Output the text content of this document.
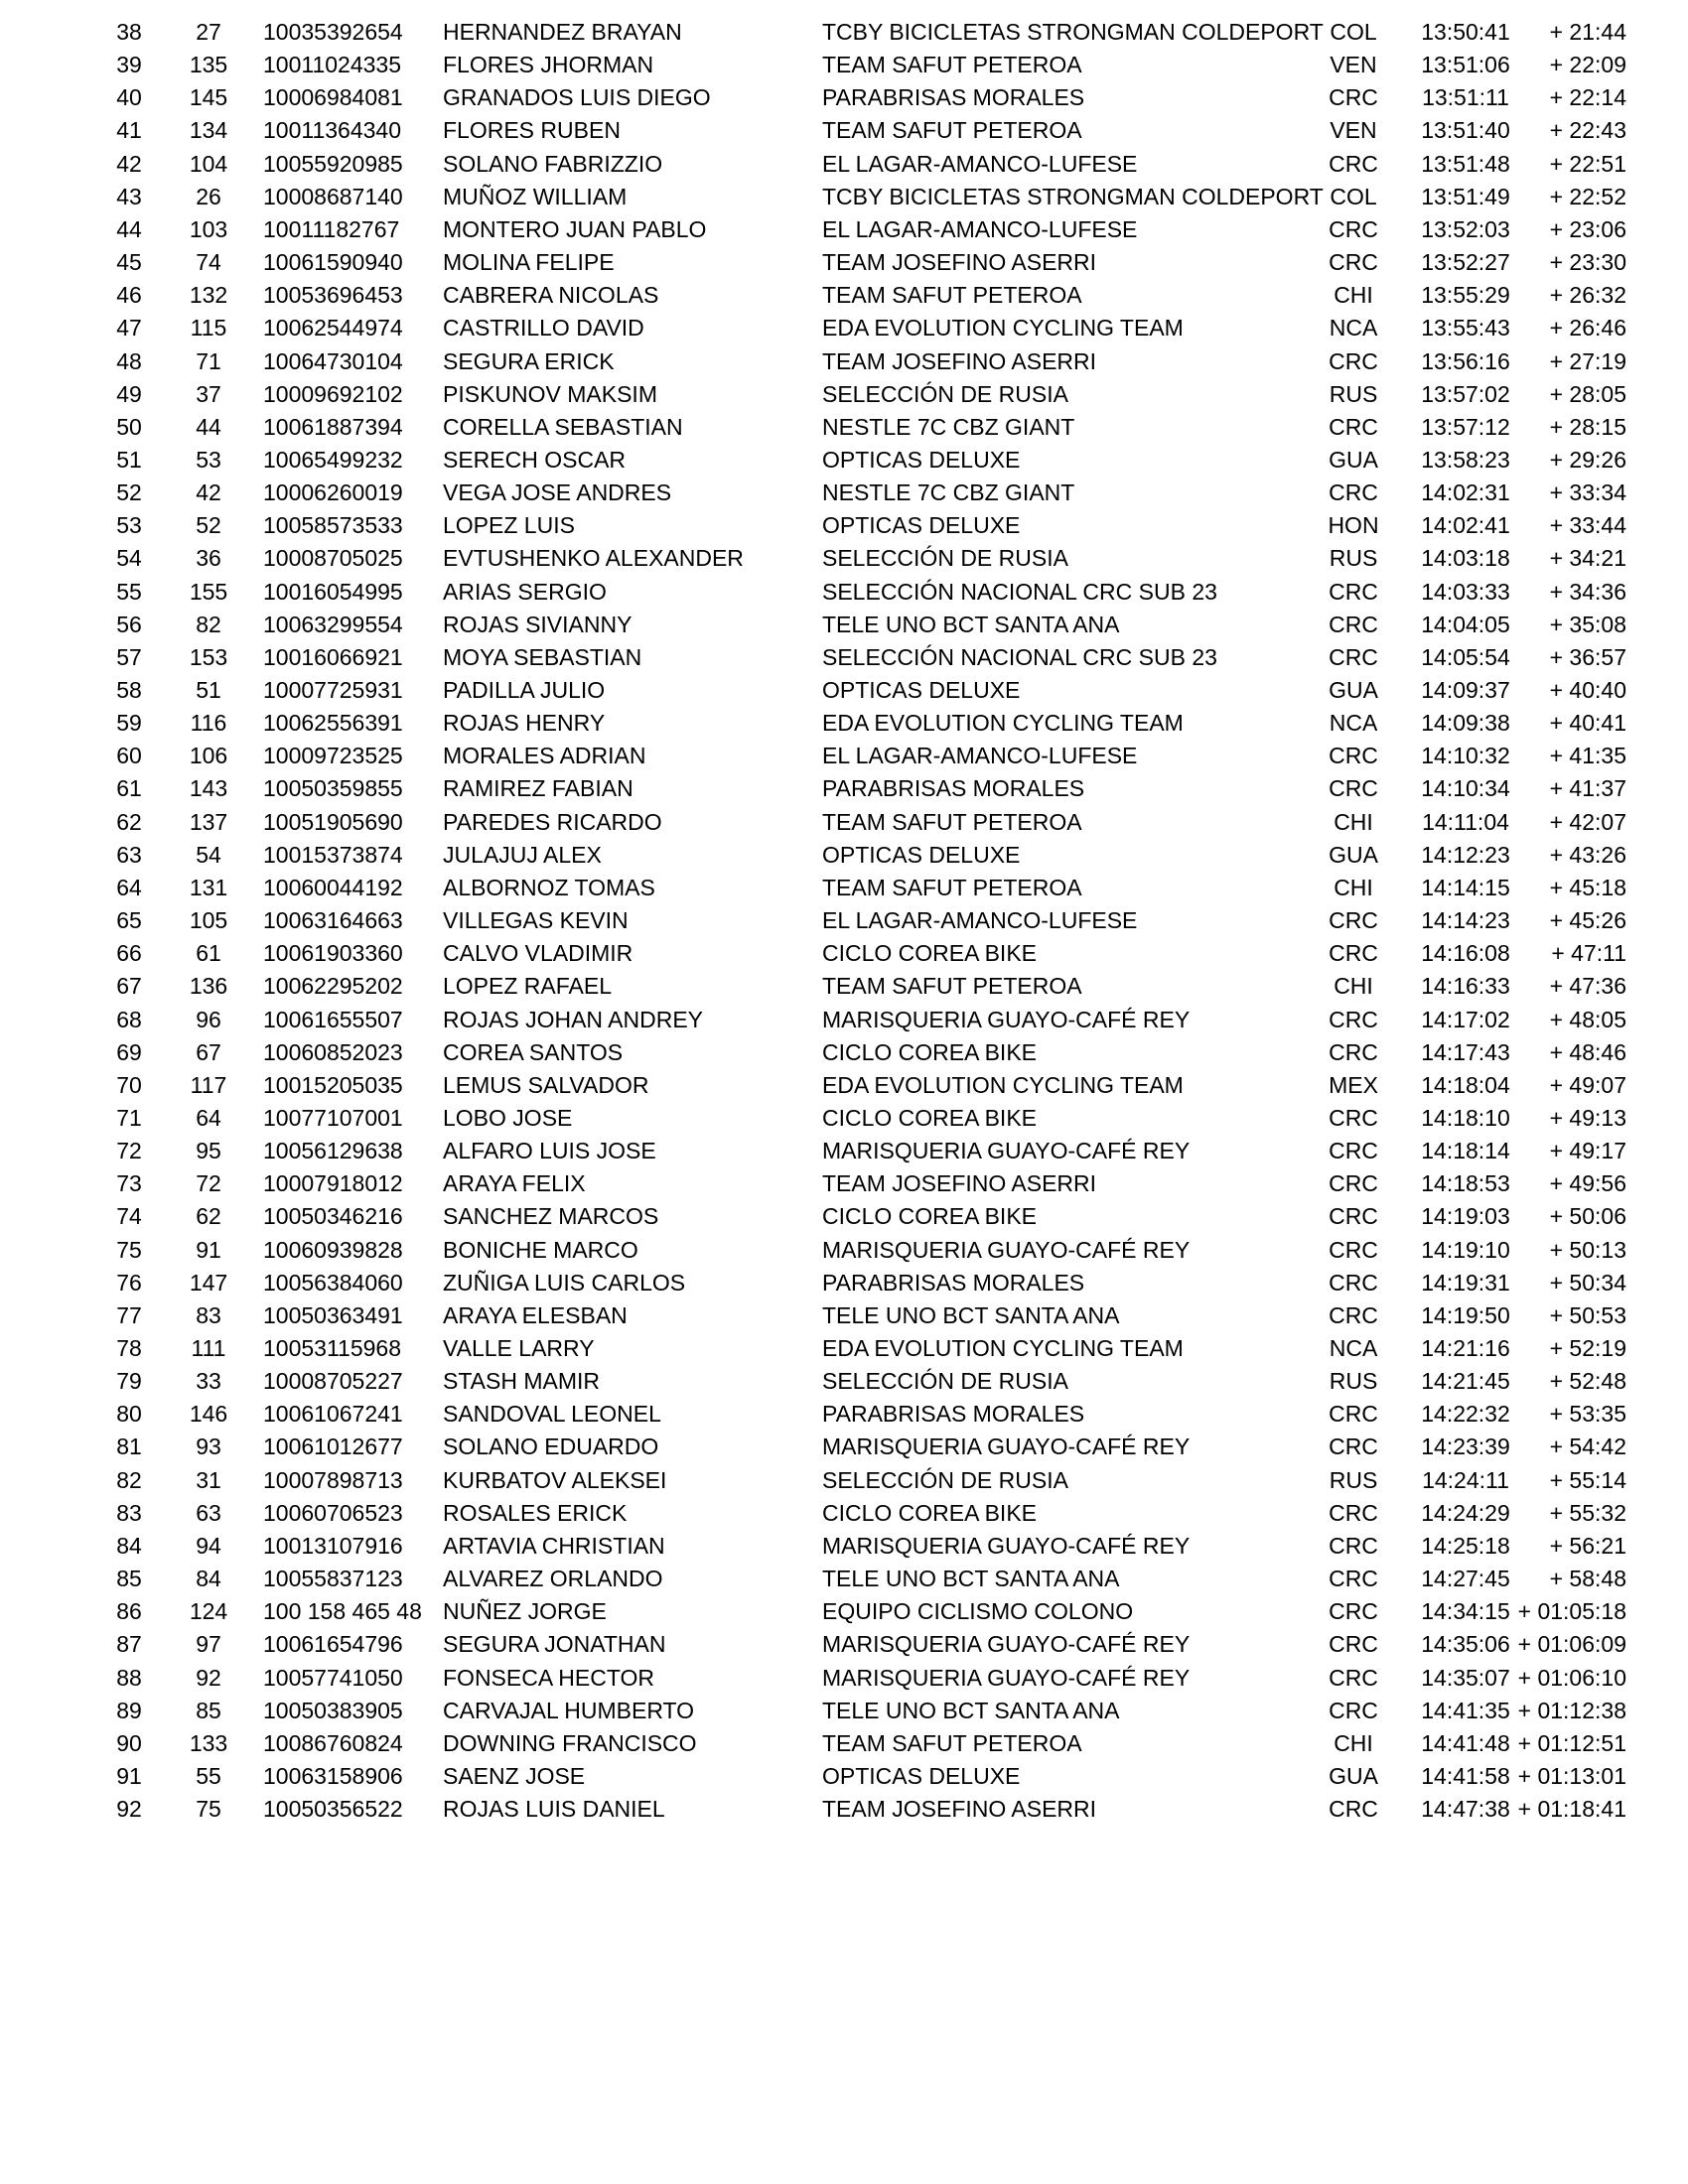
38	27	10035392654 HERNANDEZ BRAYAN	TCBY BICICLETAS STRONGMAN COLDEPORT COL	13:50:41	+ 21:44
39	135	10011024335 FLORES JHORMAN	TEAM SAFUT PETEROA	VEN	13:51:06	+ 22:09
40	145	10006984081 GRANADOS LUIS DIEGO	PARABRISAS MORALES	CRC	13:51:11	+ 22:14
41	134	10011364340 FLORES RUBEN	TEAM SAFUT PETEROA	VEN	13:51:40	+ 22:43
42	104	10055920985 SOLANO FABRIZZIO	EL LAGAR-AMANCO-LUFESE	CRC	13:51:48	+ 22:51
43	26	10008687140 MUÑOZ WILLIAM	TCBY BICICLETAS STRONGMAN COLDEPORT COL	13:51:49	+ 22:52
44	103	10011182767 MONTERO JUAN PABLO	EL LAGAR-AMANCO-LUFESE	CRC	13:52:03	+ 23:06
45	74	10061590940 MOLINA FELIPE	TEAM JOSEFINO ASERRI	CRC	13:52:27	+ 23:30
46	132	10053696453 CABRERA NICOLAS	TEAM SAFUT PETEROA	CHI	13:55:29	+ 26:32
47	115	10062544974 CASTRILLO DAVID	EDA EVOLUTION CYCLING TEAM	NCA	13:55:43	+ 26:46
48	71	10064730104 SEGURA ERICK	TEAM JOSEFINO ASERRI	CRC	13:56:16	+ 27:19
49	37	10009692102 PISKUNOV MAKSIM	SELECCIÓN DE RUSIA	RUS	13:57:02	+ 28:05
50	44	10061887394 CORELLA SEBASTIAN	NESTLE 7C CBZ GIANT	CRC	13:57:12	+ 28:15
51	53	10065499232 SERECH OSCAR	OPTICAS DELUXE	GUA	13:58:23	+ 29:26
52	42	10006260019 VEGA JOSE ANDRES	NESTLE 7C CBZ GIANT	CRC	14:02:31	+ 33:34
53	52	10058573533 LOPEZ LUIS	OPTICAS DELUXE	HON	14:02:41	+ 33:44
54	36	10008705025 EVTUSHENKO ALEXANDER	SELECCIÓN DE RUSIA	RUS	14:03:18	+ 34:21
55	155	10016054995 ARIAS SERGIO	SELECCIÓN NACIONAL CRC SUB 23	CRC	14:03:33	+ 34:36
56	82	10063299554 ROJAS SIVIANNY	TELE UNO BCT SANTA ANA	CRC	14:04:05	+ 35:08
57	153	10016066921 MOYA SEBASTIAN	SELECCIÓN NACIONAL CRC SUB 23	CRC	14:05:54	+ 36:57
58	51	10007725931 PADILLA JULIO	OPTICAS DELUXE	GUA	14:09:37	+ 40:40
59	116	10062556391 ROJAS HENRY	EDA EVOLUTION CYCLING TEAM	NCA	14:09:38	+ 40:41
60	106	10009723525 MORALES ADRIAN	EL LAGAR-AMANCO-LUFESE	CRC	14:10:32	+ 41:35
61	143	10050359855 RAMIREZ FABIAN	PARABRISAS MORALES	CRC	14:10:34	+ 41:37
62	137	10051905690 PAREDES RICARDO	TEAM SAFUT PETEROA	CHI	14:11:04	+ 42:07
63	54	10015373874 JULAJUJ ALEX	OPTICAS DELUXE	GUA	14:12:23	+ 43:26
64	131	10060044192 ALBORNOZ TOMAS	TEAM SAFUT PETEROA	CHI	14:14:15	+ 45:18
65	105	10063164663 VILLEGAS KEVIN	EL LAGAR-AMANCO-LUFESE	CRC	14:14:23	+ 45:26
66	61	10061903360 CALVO VLADIMIR	CICLO COREA BIKE	CRC	14:16:08	+ 47:11
67	136	10062295202 LOPEZ RAFAEL	TEAM SAFUT PETEROA	CHI	14:16:33	+ 47:36
68	96	10061655507 ROJAS JOHAN ANDREY	MARISQUERIA GUAYO-CAFÉ REY	CRC	14:17:02	+ 48:05
69	67	10060852023 COREA SANTOS	CICLO COREA BIKE	CRC	14:17:43	+ 48:46
70	117	10015205035 LEMUS SALVADOR	EDA EVOLUTION CYCLING TEAM	MEX	14:18:04	+ 49:07
71	64	10077107001 LOBO JOSE	CICLO COREA BIKE	CRC	14:18:10	+ 49:13
72	95	10056129638 ALFARO LUIS JOSE	MARISQUERIA GUAYO-CAFÉ REY	CRC	14:18:14	+ 49:17
73	72	10007918012 ARAYA FELIX	TEAM JOSEFINO ASERRI	CRC	14:18:53	+ 49:56
74	62	10050346216 SANCHEZ MARCOS	CICLO COREA BIKE	CRC	14:19:03	+ 50:06
75	91	10060939828 BONICHE MARCO	MARISQUERIA GUAYO-CAFÉ REY	CRC	14:19:10	+ 50:13
76	147	10056384060 ZUÑIGA LUIS CARLOS	PARABRISAS MORALES	CRC	14:19:31	+ 50:34
77	83	10050363491 ARAYA ELESBAN	TELE UNO BCT SANTA ANA	CRC	14:19:50	+ 50:53
78	111	10053115968 VALLE LARRY	EDA EVOLUTION CYCLING TEAM	NCA	14:21:16	+ 52:19
79	33	10008705227 STASH MAMIR	SELECCIÓN DE RUSIA	RUS	14:21:45	+ 52:48
80	146	10061067241 SANDOVAL LEONEL	PARABRISAS MORALES	CRC	14:22:32	+ 53:35
81	93	10061012677 SOLANO EDUARDO	MARISQUERIA GUAYO-CAFÉ REY	CRC	14:23:39	+ 54:42
82	31	10007898713 KURBATOV ALEKSEI	SELECCIÓN DE RUSIA	RUS	14:24:11	+ 55:14
83	63	10060706523 ROSALES ERICK	CICLO COREA BIKE	CRC	14:24:29	+ 55:32
84	94	10013107916 ARTAVIA CHRISTIAN	MARISQUERIA GUAYO-CAFÉ REY	CRC	14:25:18	+ 56:21
85	84	10055837123 ALVAREZ ORLANDO	TELE UNO BCT SANTA ANA	CRC	14:27:45	+ 58:48
86	124	100 158 465 48 NUÑEZ JORGE	EQUIPO CICLISMO COLONO	CRC	14:34:15 + 01:05:18
87	97	10061654796 SEGURA JONATHAN	MARISQUERIA GUAYO-CAFÉ REY	CRC	14:35:06 + 01:06:09
88	92	10057741050 FONSECA HECTOR	MARISQUERIA GUAYO-CAFÉ REY	CRC	14:35:07 + 01:06:10
89	85	10050383905 CARVAJAL HUMBERTO	TELE UNO BCT SANTA ANA	CRC	14:41:35 + 01:12:38
90	133	10086760824 DOWNING FRANCISCO	TEAM SAFUT PETEROA	CHI	14:41:48 + 01:12:51
91	55	10063158906 SAENZ JOSE	OPTICAS DELUXE	GUA	14:41:58 + 01:13:01
92	75	10050356522 ROJAS LUIS DANIEL	TEAM JOSEFINO ASERRI	CRC	14:47:38 + 01:18:41
